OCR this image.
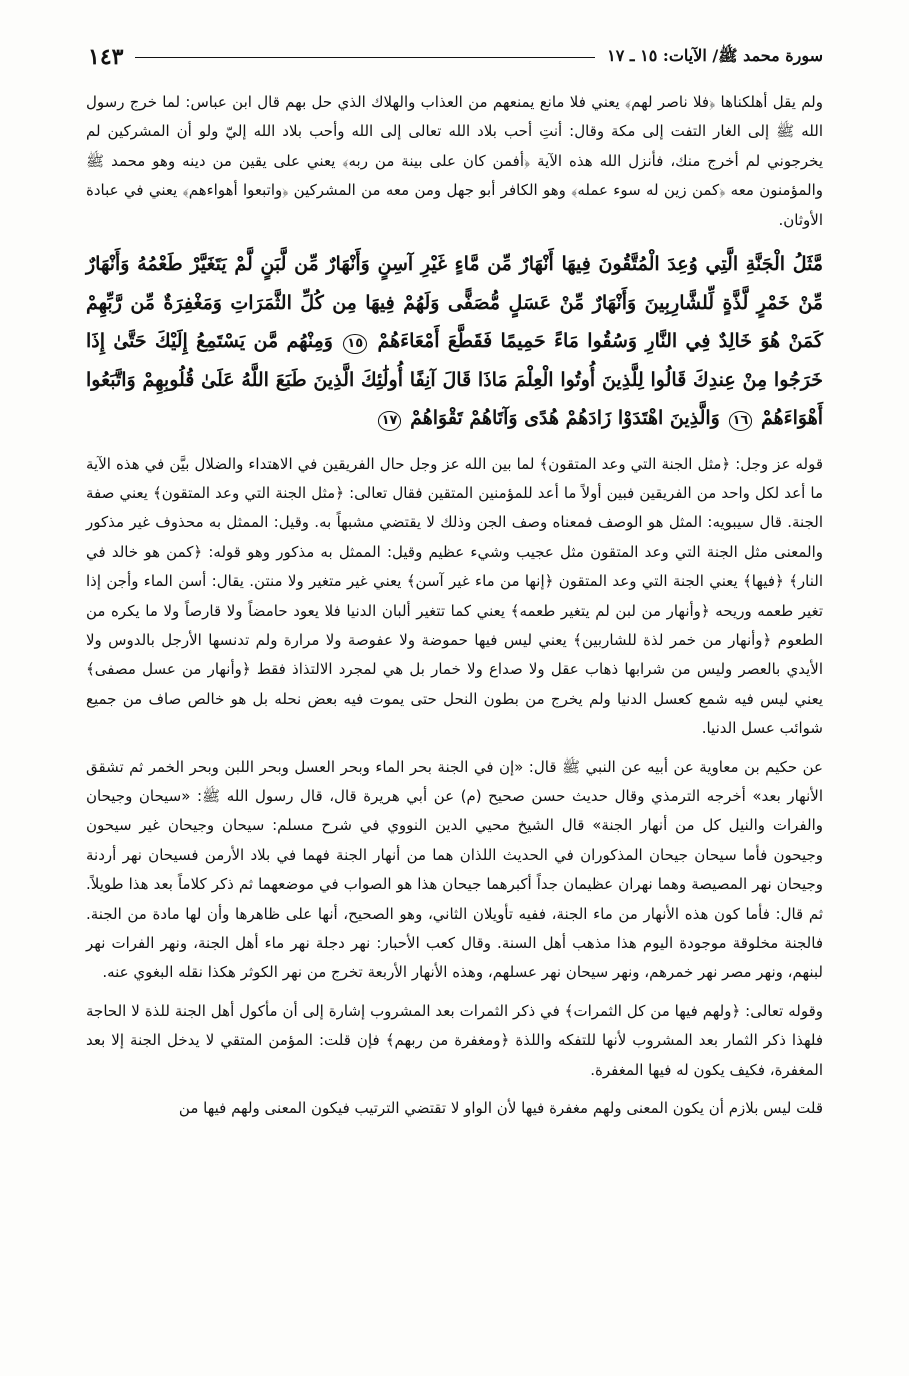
سورة محمد ﷺ/ الآيات: ١٥ ـ ١٧
١٤٣

ولم يقل أهلكناها ﴿فلا ناصر لهم﴾ يعني فلا مانع يمنعهم من العذاب والهلاك الذي حل بهم قال ابن عباس: لما خرج رسول الله ﷺ إلى الغار التفت إلى مكة وقال: أنتِ أحب بلاد الله تعالى إلى الله وأحب بلاد الله إليّ ولو أن المشركين لم يخرجوني لم أخرج منك، فأنزل الله هذه الآية ﴿أفمن كان على بينة من ربه﴾ يعني على يقين من دينه وهو محمد ﷺ والمؤمنون معه ﴿كمن زين له سوء عمله﴾ وهو الكافر أبو جهل ومن معه من المشركين ﴿واتبعوا أهواءهم﴾ يعني في عبادة الأوثان.

مَّثَلُ الْجَنَّةِ الَّتِي وُعِدَ الْمُتَّقُونَ فِيهَا أَنْهَارٌ مِّن مَّاءٍ غَيْرِ آسِنٍ وَأَنْهَارٌ مِّن لَّبَنٍ لَّمْ يَتَغَيَّرْ طَعْمُهُ وَأَنْهَارٌ مِّنْ خَمْرٍ لَّذَّةٍ لِّلشَّارِبِينَ وَأَنْهَارٌ مِّنْ عَسَلٍ مُّصَفًّى وَلَهُمْ فِيهَا مِن كُلِّ الثَّمَرَاتِ وَمَغْفِرَةٌ مِّن رَّبِّهِمْ كَمَنْ هُوَ خَالِدٌ فِي النَّارِ وَسُقُوا مَاءً حَمِيمًا فَقَطَّعَ أَمْعَاءَهُمْ ١٥ وَمِنْهُم مَّن يَسْتَمِعُ إِلَيْكَ حَتَّىٰ إِذَا خَرَجُوا مِنْ عِندِكَ قَالُوا لِلَّذِينَ أُوتُوا الْعِلْمَ مَاذَا قَالَ آنِفًا أُولَٰئِكَ الَّذِينَ طَبَعَ اللَّهُ عَلَىٰ قُلُوبِهِمْ وَاتَّبَعُوا أَهْوَاءَهُمْ ١٦ وَالَّذِينَ اهْتَدَوْا زَادَهُمْ هُدًى وَآتَاهُمْ تَقْوَاهُمْ ١٧

قوله عز وجل: ﴿مثل الجنة التي وعد المتقون﴾ لما بين الله عز وجل حال الفريقين في الاهتداء والضلال بيَّن في هذه الآية ما أعد لكل واحد من الفريقين فبين أولاً ما أعد للمؤمنين المتقين فقال تعالى: ﴿مثل الجنة التي وعد المتقون﴾ يعني صفة الجنة. قال سيبويه: المثل هو الوصف فمعناه وصف الجن وذلك لا يقتضي مشبهاً به. وقيل: الممثل به محذوف غير مذكور والمعنى مثل الجنة التي وعد المتقون مثل عجيب وشيء عظيم وقيل: الممثل به مذكور وهو قوله: ﴿كمن هو خالد في النار﴾ ﴿فيها﴾ يعني الجنة التي وعد المتقون ﴿إنها من ماء غير آسن﴾ يعني غير متغير ولا منتن. يقال: أسن الماء وأجن إذا تغير طعمه وريحه ﴿وأنهار من لبن لم يتغير طعمه﴾ يعني كما تتغير ألبان الدنيا فلا يعود حامضاً ولا قارصاً ولا ما يكره من الطعوم ﴿وأنهار من خمر لذة للشاربين﴾ يعني ليس فيها حموضة ولا عفوصة ولا مرارة ولم تدنسها الأرجل بالدوس ولا الأيدي بالعصر وليس من شرابها ذهاب عقل ولا صداع ولا خمار بل هي لمجرد الالتذاذ فقط ﴿وأنهار من عسل مصفى﴾ يعني ليس فيه شمع كعسل الدنيا ولم يخرج من بطون النحل حتى يموت فيه بعض نحله بل هو خالص صاف من جميع شوائب عسل الدنيا.

عن حكيم بن معاوية عن أبيه عن النبي ﷺ قال: «إن في الجنة بحر الماء وبحر العسل وبحر اللبن وبحر الخمر ثم تشقق الأنهار بعد» أخرجه الترمذي وقال حديث حسن صحيح (م) عن أبي هريرة قال، قال رسول الله ﷺ: «سيحان وجيحان والفرات والنيل كل من أنهار الجنة» قال الشيخ محيي الدين النووي في شرح مسلم: سيحان وجيحان غير سيحون وجيحون فأما سيحان جيحان المذكوران في الحديث اللذان هما من أنهار الجنة فهما في بلاد الأرمن فسيحان نهر أردنة وجيحان نهر المصيصة وهما نهران عظيمان جداً أكبرهما جيحان هذا هو الصواب في موضعهما ثم ذكر كلاماً بعد هذا طويلاً. ثم قال: فأما كون هذه الأنهار من ماء الجنة، ففيه تأويلان الثاني، وهو الصحيح، أنها على ظاهرها وأن لها مادة من الجنة. فالجنة مخلوقة موجودة اليوم هذا مذهب أهل السنة. وقال كعب الأحبار: نهر دجلة نهر ماء أهل الجنة، ونهر الفرات نهر لبنهم، ونهر مصر نهر خمرهم، ونهر سيحان نهر عسلهم، وهذه الأنهار الأربعة تخرج من نهر الكوثر هكذا نقله البغوي عنه.

وقوله تعالى: ﴿ولهم فيها من كل الثمرات﴾ في ذكر الثمرات بعد المشروب إشارة إلى أن مأكول أهل الجنة للذة لا الحاجة فلهذا ذكر الثمار بعد المشروب لأنها للتفكه واللذة ﴿ومغفرة من ربهم﴾ فإن قلت: المؤمن المتقي لا يدخل الجنة إلا بعد المغفرة، فكيف يكون له فيها المغفرة.

قلت ليس بلازم أن يكون المعنى ولهم مغفرة فيها لأن الواو لا تقتضي الترتيب فيكون المعنى ولهم فيها من
